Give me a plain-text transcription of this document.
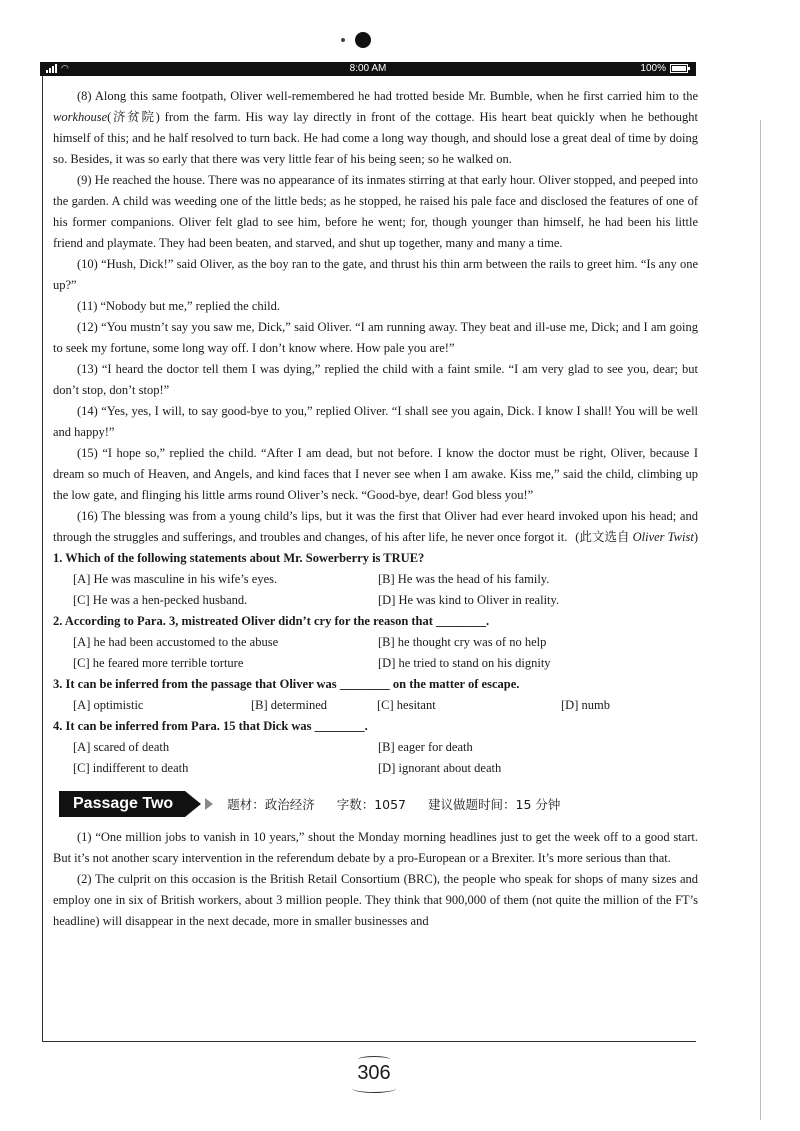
◠	8:00 AM	100%

(8) Along this same footpath, Oliver well-remembered he had trotted beside Mr. Bumble, when he first carried him to the workhouse(济贫院) from the farm. His way lay directly in front of the cottage. His heart beat quickly when he bethought himself of this; and he half resolved to turn back. He had come a long way though, and should lose a great deal of time by doing so. Besides, it was so early that there was very little fear of his being seen; so he walked on.

(9) He reached the house. There was no appearance of its inmates stirring at that early hour. Oliver stopped, and peeped into the garden. A child was weeding one of the little beds; as he stopped, he raised his pale face and disclosed the features of one of his former companions. Oliver felt glad to see him, before he went; for, though younger than himself, he had been his little friend and playmate. They had been beaten, and starved, and shut up together, many and many a time.

(10) “Hush, Dick!” said Oliver, as the boy ran to the gate, and thrust his thin arm between the rails to greet him. “Is any one up?”

(11) “Nobody but me,” replied the child.

(12) “You mustn’t say you saw me, Dick,” said Oliver. “I am running away. They beat and ill-use me, Dick; and I am going to seek my fortune, some long way off. I don’t know where. How pale you are!”

(13) “I heard the doctor tell them I was dying,” replied the child with a faint smile. “I am very glad to see you, dear; but don’t stop, don’t stop!”

(14) “Yes, yes, I will, to say good-bye to you,” replied Oliver. “I shall see you again, Dick. I know I shall! You will be well and happy!”

(15) “I hope so,” replied the child. “After I am dead, but not before. I know the doctor must be right, Oliver, because I dream so much of Heaven, and Angels, and kind faces that I never see when I am awake. Kiss me,” said the child, climbing up the low gate, and flinging his little arms round Oliver’s neck. “Good-bye, dear! God bless you!”

(16) The blessing was from a young child’s lips, but it was the first that Oliver had ever heard invoked upon his head; and through the struggles and sufferings, and troubles and changes, of his after life, he never once forgot it. (此文选自 Oliver Twist)

1. Which of the following statements about Mr. Sowerberry is TRUE?

[A] He was masculine in his wife’s eyes.	[B] He was the head of his family.

[C] He was a hen-pecked husband.	[D] He was kind to Oliver in reality.

2. According to Para. 3, mistreated Oliver didn’t cry for the reason that ________.

[A] he had been accustomed to the abuse	[B] he thought cry was of no help

[C] he feared more terrible torture	[D] he tried to stand on his dignity

3. It can be inferred from the passage that Oliver was ________ on the matter of escape.

[A] optimistic	[B] determined	[C] hesitant	[D] numb

4. It can be inferred from Para. 15 that Dick was ________.

[A] scared of death	[B] eager for death

[C] indifferent to death	[D] ignorant about death

Passage Two	题材：政治经济 字数：1057 建议做题时间：15 分钟

(1) “One million jobs to vanish in 10 years,” shout the Monday morning headlines just to get the week off to a good start. But it’s not another scary intervention in the referendum debate by a pro-European or a Brexiter. It’s more serious than that.

(2) The culprit on this occasion is the British Retail Consortium (BRC), the people who speak for shops of many sizes and employ one in six of British workers, about 3 million people. They think that 900,000 of them (not quite the million of the FT’s headline) will disappear in the next decade, more in smaller businesses and

306
